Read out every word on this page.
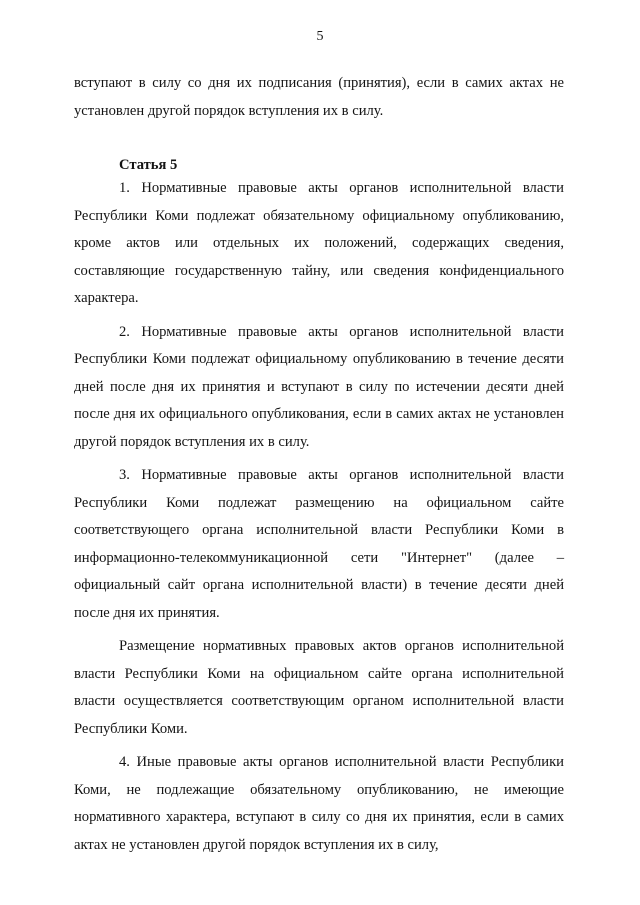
5

вступают в силу со дня их подписания (принятия), если в самих актах не установлен другой порядок вступления их в силу.

Статья 5

1. Нормативные правовые акты органов исполнительной власти Республики Коми подлежат обязательному официальному опубликованию, кроме актов или отдельных их положений, содержащих сведения, составляющие государственную тайну, или сведения конфиденциального характера.

2. Нормативные правовые акты органов исполнительной власти Республики Коми подлежат официальному опубликованию в течение десяти дней после дня их принятия и вступают в силу по истечении десяти дней после дня их официального опубликования, если в самих актах не установлен другой порядок вступления их в силу.

3. Нормативные правовые акты органов исполнительной власти Республики Коми подлежат размещению на официальном сайте соответствующего органа исполнительной власти Республики Коми в информационно-телекоммуникационной сети "Интернет" (далее – официальный сайт органа исполнительной власти) в течение десяти дней после дня их принятия.

Размещение нормативных правовых актов органов исполнительной власти Республики Коми на официальном сайте органа исполнительной власти осуществляется соответствующим органом исполнительной власти Республики Коми.

4. Иные правовые акты органов исполнительной власти Республики Коми, не подлежащие обязательному опубликованию, не имеющие нормативного характера, вступают в силу со дня их принятия, если в самих актах не установлен другой порядок вступления их в силу,
